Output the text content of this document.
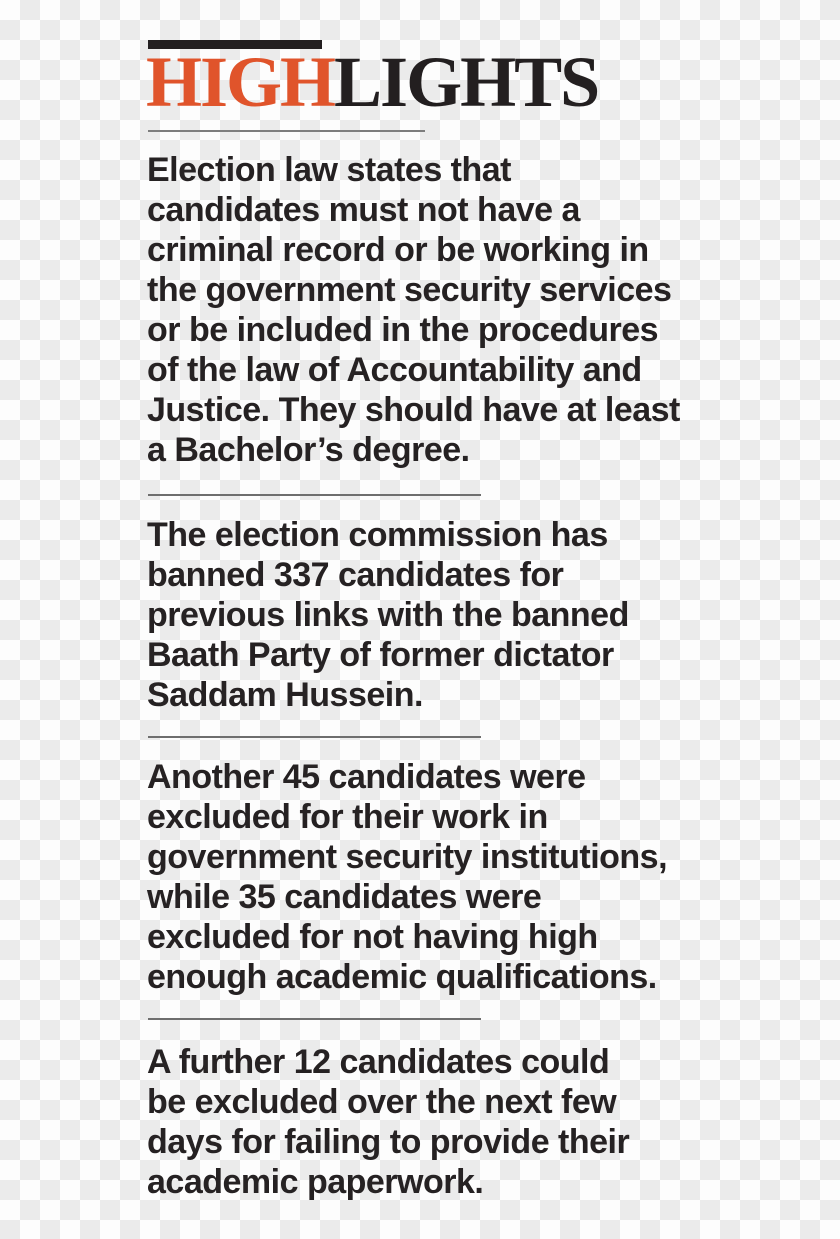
HIGHLIGHTS

Election law states that
candidates must not have a
criminal record or be working in
the government security services
or be included in the procedures
of the law of Accountability and
Justice. They should have at least
a Bachelor’s degree.

The election commission has
banned 337 candidates for
previous links with the banned
Baath Party of former dictator
Saddam Hussein.

Another 45 candidates were
excluded for their work in
government security institutions,
while 35 candidates were
excluded for not having high
enough academic qualifications.

A further 12 candidates could
be excluded over the next few
days for failing to provide their
academic paperwork.
